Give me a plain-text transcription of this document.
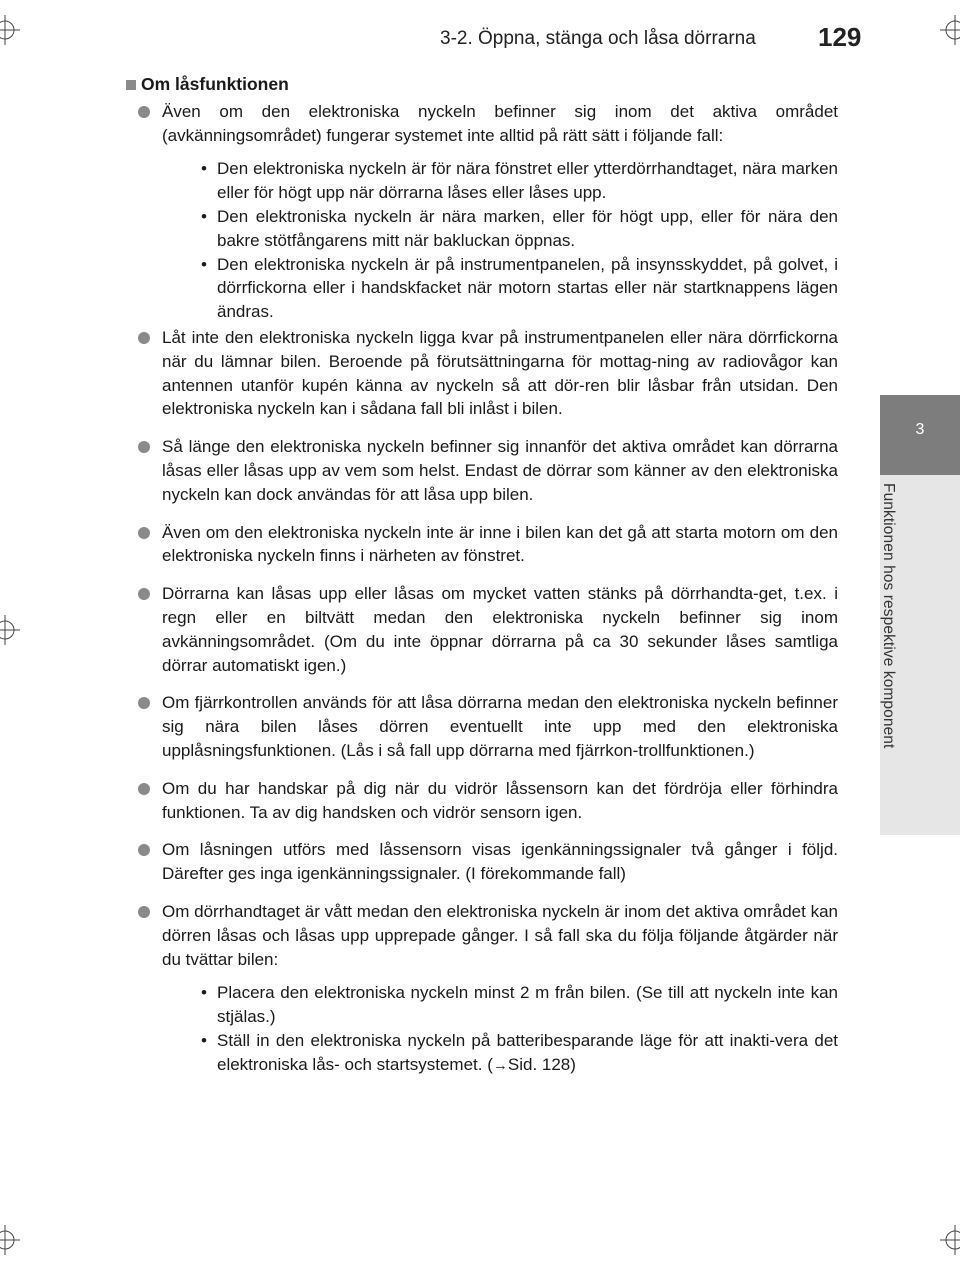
3-2. Öppna, stänga och låsa dörrarna 129
3
Funktionen hos respektive komponent
Om låsfunktionen
Även om den elektroniska nyckeln befinner sig inom det aktiva området (avkänningsområdet) fungerar systemet inte alltid på rätt sätt i följande fall:
• Den elektroniska nyckeln är för nära fönstret eller ytterdörrhandtaget, nära marken eller för högt upp när dörrarna låses eller låses upp.
• Den elektroniska nyckeln är nära marken, eller för högt upp, eller för nära den bakre stötfångarens mitt när bakluckan öppnas.
• Den elektroniska nyckeln är på instrumentpanelen, på insynsskyddet, på golvet, i dörrfickorna eller i handskfacket när motorn startas eller när startknappens lägen ändras.
Låt inte den elektroniska nyckeln ligga kvar på instrumentpanelen eller nära dörrfickorna när du lämnar bilen. Beroende på förutsättningarna för mottag-ning av radiovågor kan antennen utanför kupén känna av nyckeln så att dör-ren blir låsbar från utsidan. Den elektroniska nyckeln kan i sådana fall bli inlåst i bilen.
Så länge den elektroniska nyckeln befinner sig innanför det aktiva området kan dörrarna låsas eller låsas upp av vem som helst. Endast de dörrar som känner av den elektroniska nyckeln kan dock användas för att låsa upp bilen.
Även om den elektroniska nyckeln inte är inne i bilen kan det gå att starta motorn om den elektroniska nyckeln finns i närheten av fönstret.
Dörrarna kan låsas upp eller låsas om mycket vatten stänks på dörrhandta-get, t.ex. i regn eller en biltvätt medan den elektroniska nyckeln befinner sig inom avkänningsområdet. (Om du inte öppnar dörrarna på ca 30 sekunder låses samtliga dörrar automatiskt igen.)
Om fjärrkontrollen används för att låsa dörrarna medan den elektroniska nyckeln befinner sig nära bilen låses dörren eventuellt inte upp med den elektroniska upplåsningsfunktionen. (Lås i så fall upp dörrarna med fjärrkon-trollfunktionen.)
Om du har handskar på dig när du vidrör låssensorn kan det fördröja eller förhindra funktionen. Ta av dig handsken och vidrör sensorn igen.
Om låsningen utförs med låssensorn visas igenkänningssignaler två gånger i följd. Därefter ges inga igenkänningssignaler. (I förekommande fall)
Om dörrhandtaget är vått medan den elektroniska nyckeln är inom det aktiva området kan dörren låsas och låsas upp upprepade gånger. I så fall ska du följa följande åtgärder när du tvättar bilen:
• Placera den elektroniska nyckeln minst 2 m från bilen. (Se till att nyckeln inte kan stjälas.)
• Ställ in den elektroniska nyckeln på batteribesparande läge för att inakti-vera det elektroniska lås- och startsystemet. (→Sid. 128)
